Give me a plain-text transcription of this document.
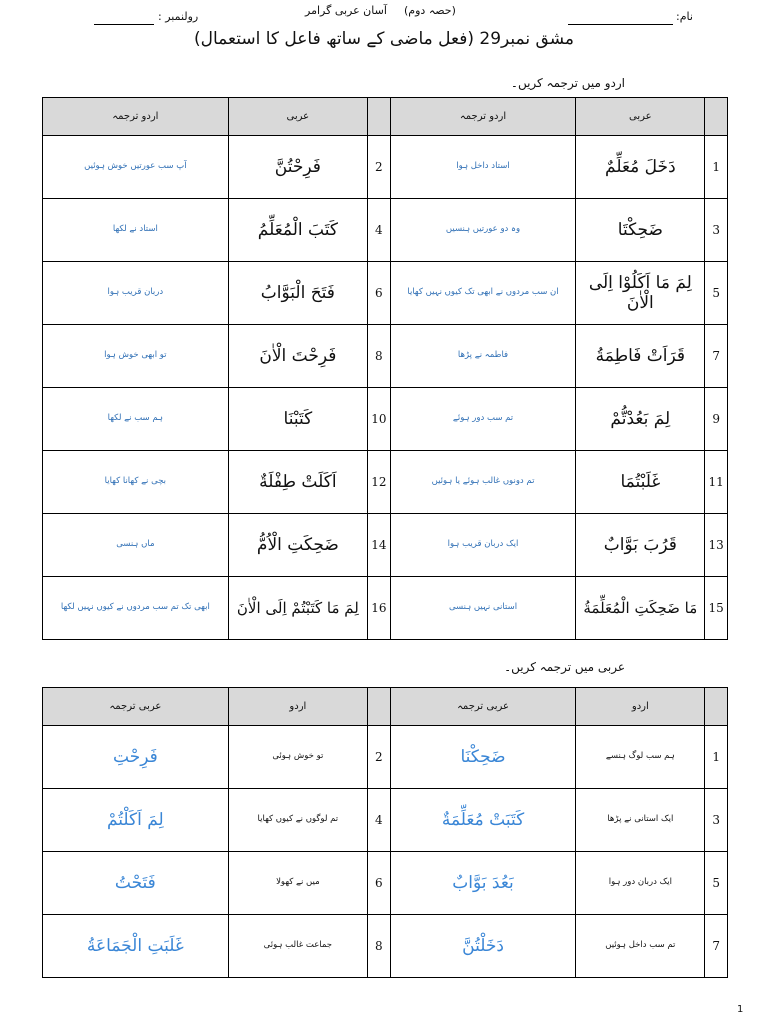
نام:
آسان عربی گرامر (حصہ دوم)
رولنمبر :
مشق نمبر29 (فعل ماضی کے ساتھ فاعل کا استعمال)
اردو میں ترجمہ کریں۔
	عربی	اردو ترجمہ		عربی	اردو ترجمہ
1	دَخَلَ مُعَلِّمٌ	استاد داخل ہوا	2	فَرِحْتُنَّ	آپ سب عورتیں خوش ہوئیں
3	ضَحِكْتَا	وہ دو عورتیں ہنسیں	4	كَتَبَ الْمُعَلِّمُ	استاد نے لکھا
5	لِمَ مَا اَكَلُوْا اِلَى الْاٰنَ	ان سب مردوں نے ابھی تک کیوں نہیں کھایا	6	فَتَحَ الْبَوَّابُ	دربان قریب ہوا
7	قَرَاَتْ فَاطِمَةُ	فاطمہ نے پڑھا	8	فَرِحْتَ الْاٰنَ	تو ابھی خوش ہوا
9	لِمَ بَعُدْتُّمْ	تم سب دور ہوئے	10	كَتَبْنَا	ہم سب نے لکھا
11	غَلَبْتُمَا	تم دونوں غالب ہوئے یا ہوئیں	12	اَكَلَتْ طِفْلَةٌ	بچی نے کھانا کھایا
13	قَرُبَ بَوَّابٌ	ایک دربان قریب ہوا	14	ضَحِكَتِ الْاُمُّ	ماں ہنسی
15	مَا ضَحِكَتِ الْمُعَلِّمَةُ	استانی نہیں ہنسی	16	لِمَ مَا كَتَبْتُمْ اِلَى الْاٰنَ	ابھی تک تم سب مردوں نے کیوں نہیں لکھا
عربی میں ترجمہ کریں۔
	اردو	عربی ترجمہ		اردو	عربی ترجمہ
1	ہم سب لوگ ہنسے	ضَحِكْنَا	2	تو خوش ہوئی	فَرِحْتِ
3	ایک استانی نے پڑھا	كَتَبَتْ مُعَلِّمَةٌ	4	تم لوگوں نے کیوں کھایا	لِمَ اَكَلْتُمْ
5	ایک دربان دور ہوا	بَعُدَ بَوَّابٌ	6	میں نے کھولا	فَتَحْتُ
7	تم سب داخل ہوئیں	دَخَلْتُنَّ	8	جماعت غالب ہوئی	غَلَبَتِ الْجَمَاعَةُ
1
